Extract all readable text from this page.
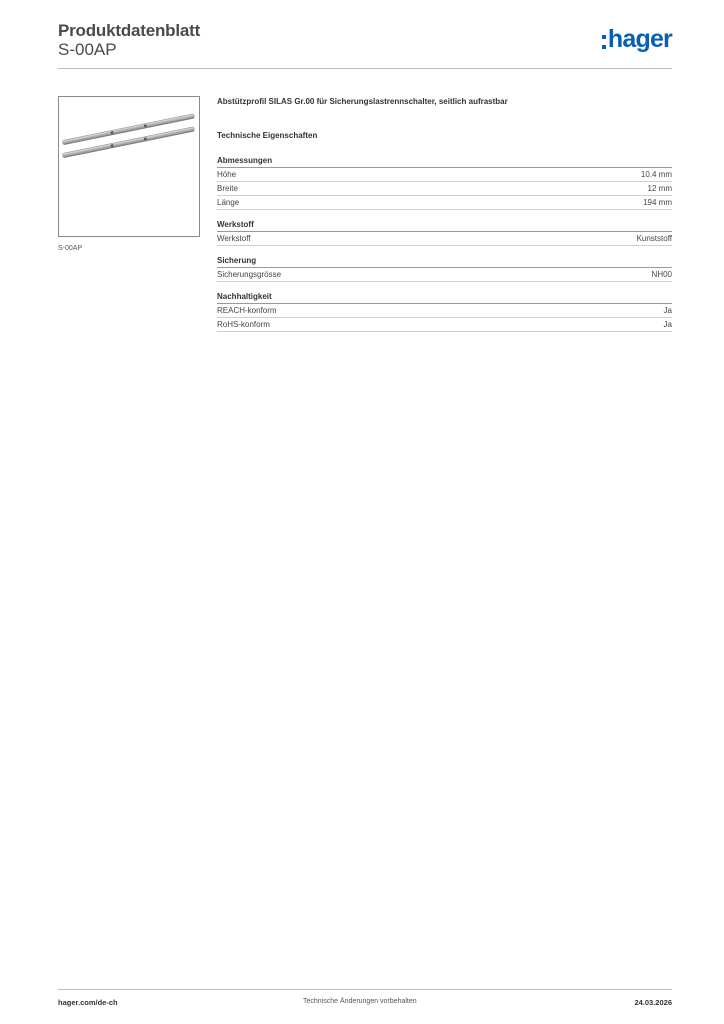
Produktdatenblatt
S-00AP	hager
S-00AP

Abstützprofil SILAS Gr.00 für Sicherungslastrennschalter, seitlich aufrastbar

Technische Eigenschaften

Abmessungen

Höhe	10.4 mm
Breite	12 mm
Länge	194 mm

Werkstoff

Werkstoff	Kunststoff

Sicherung

Sicherungsgrösse	NH00

Nachhaltigkeit

REACH-konform	Ja
RoHS-konform	Ja
hager.com/de-ch	Technische Änderungen vorbehalten	24.03.2026
